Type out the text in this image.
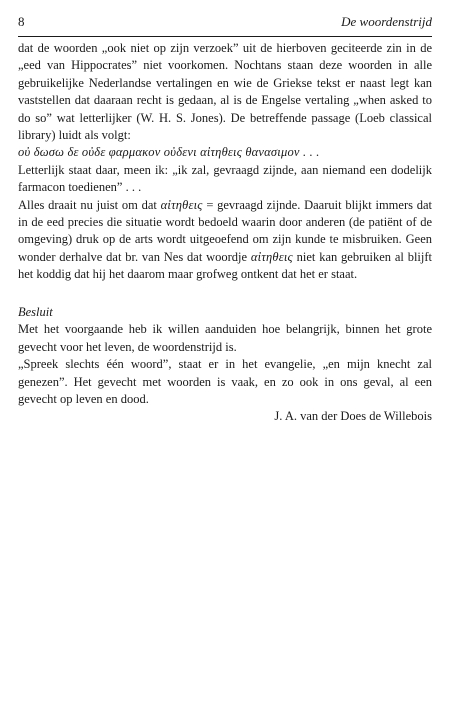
8	De woordenstrijd

dat de woorden „ook niet op zijn verzoek” uit de hierboven geciteerde zin in de „eed van Hippocrates” niet voorkomen. Nochtans staan deze woorden in alle gebruikelijke Nederlandse vertalingen en wie de Griekse tekst er naast legt kan vaststellen dat daaraan recht is gedaan, al is de Engelse vertaling „when asked to do so” wat letterlijker (W. H. S. Jones). De betreffende passage (Loeb classical library) luidt als volgt:

οὐ δωσω δε οὐδε φαρμακον οὐδενι αἰτηθεις θανασιμον . . .

Letterlijk staat daar, meen ik: „ik zal, gevraagd zijnde, aan niemand een dodelijk farmacon toedienen” . . .

Alles draait nu juist om dat αἰτηθεις = gevraagd zijnde. Daaruit blijkt immers dat in de eed precies die situatie wordt bedoeld waarin door anderen (de patiënt of de omgeving) druk op de arts wordt uitgeoefend om zijn kunde te misbruiken. Geen wonder derhalve dat br. van Nes dat woordje αἰτηθεις niet kan gebruiken al blijft het koddig dat hij het daarom maar grofweg ontkent dat het er staat.

Besluit

Met het voorgaande heb ik willen aanduiden hoe belangrijk, binnen het grote gevecht voor het leven, de woordenstrijd is.

„Spreek slechts één woord”, staat er in het evangelie, „en mijn knecht zal genezen”. Het gevecht met woorden is vaak, en zo ook in ons geval, al een gevecht op leven en dood.

J. A. van der Does de Willebois
